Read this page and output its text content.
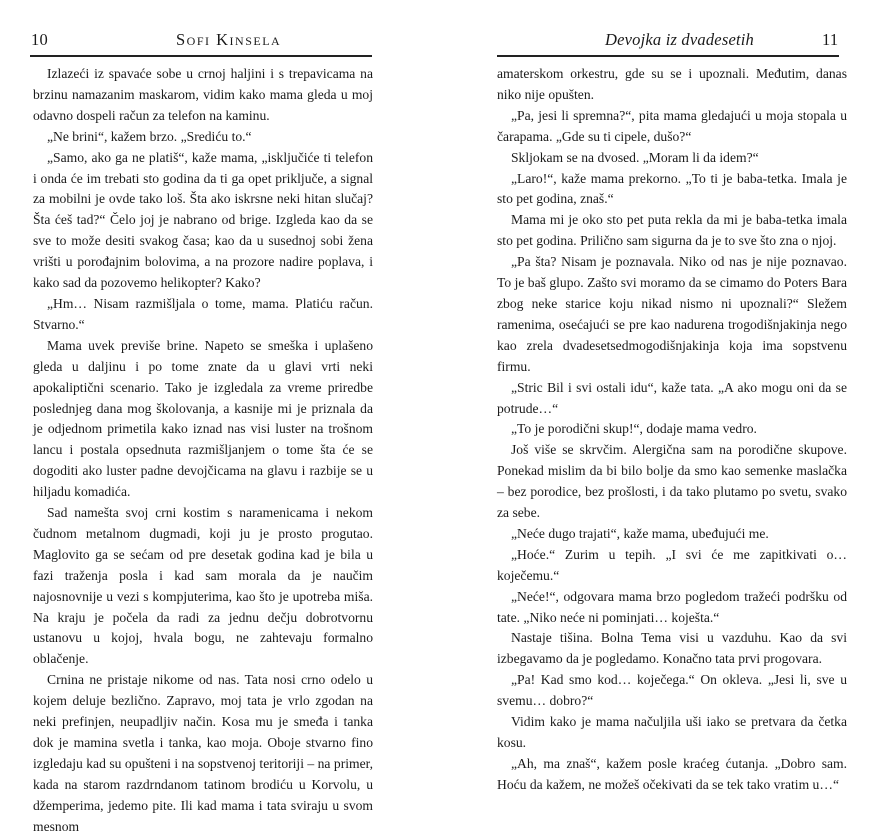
10	Sofi Kinsela

Izlazeći iz spavaće sobe u crnoj haljini i s trepavicama na brzinu namazanim maskarom, vidim kako mama gleda u moj odavno dospeli račun za telefon na kaminu.

„Ne brini“, kažem brzo. „Srediću to.“

„Samo, ako ga ne platiš“, kaže mama, „isključiće ti telefon i onda će im trebati sto godina da ti ga opet priključe, a signal za mobilni je ovde tako loš. Šta ako iskrsne neki hitan slučaj? Šta ćeš tad?“ Čelo joj je nabrano od brige. Izgleda kao da se sve to može desiti svakog časa; kao da u susednoj sobi žena vrišti u porođajnim bolovima, a na prozore nadire poplava, i kako sad da pozovemo helikopter? Kako?

„Hm… Nisam razmišljala o tome, mama. Platiću račun. Stvarno.“

Mama uvek previše brine. Napeto se smeška i uplašeno gleda u daljinu i po tome znate da u glavi vrti neki apokaliptični scenario. Tako je izgledala za vreme priredbe poslednjeg dana mog školovanja, a kasnije mi je priznala da je odjednom primetila kako iznad nas visi luster na trošnom lancu i postala opsednuta razmišljanjem o tome šta će se dogoditi ako luster padne devojčicama na glavu i razbije se u hiljadu komadića.

Sad namešta svoj crni kostim s naramenicama i nekom čudnom metalnom dugmadi, koji ju je prosto progutao. Maglovito ga se sećam od pre desetak godina kad je bila u fazi traženja posla i kad sam morala da je naučim najosnovnije u vezi s kompjuterima, kao što je upotreba miša. Na kraju je počela da radi za jednu dečju dobrotvornu ustanovu u kojoj, hvala bogu, ne zahtevaju formalno oblačenje.

Crnina ne pristaje nikome od nas. Tata nosi crno odelo u kojem deluje bezlično. Zapravo, moj tata je vrlo zgodan na neki prefinjen, neupadljiv način. Kosa mu je smeđa i tanka dok je mamina svetla i tanka, kao moja. Oboje stvarno fino izgledaju kad su opušteni i na sopstvenoj teritoriji – na primer, kada na starom razdrndanom tatinom brodiću u Korvolu, u džemperima, jedemo pite. Ili kad mama i tata sviraju u svom mesnom

Devojka iz dvadesetih	11

amaterskom orkestru, gde su se i upoznali. Međutim, danas niko nije opušten.

„Pa, jesi li spremna?“, pita mama gledajući u moja stopala u čarapama. „Gde su ti cipele, dušo?“

Skljokam se na dvosed. „Moram li da idem?“

„Laro!“, kaže mama prekorno. „To ti je baba-tetka. Imala je sto pet godina, znaš.“

Mama mi je oko sto pet puta rekla da mi je baba-tetka imala sto pet godina. Prilično sam sigurna da je to sve što zna o njoj.

„Pa šta? Nisam je poznavala. Niko od nas je nije poznavao. To je baš glupo. Zašto svi moramo da se cimamo do Poters Bara zbog neke starice koju nikad nismo ni upoznali?“ Sležem ramenima, osećajući se pre kao nadurena trogodišnjakinja nego kao zrela dvadesetsedmogodišnjakinja koja ima sopstvenu firmu.

„Stric Bil i svi ostali idu“, kaže tata. „A ako mogu oni da se potrude…“

„To je porodični skup!“, dodaje mama vedro.

Još više se skrvčim. Alergična sam na porodične skupove. Ponekad mislim da bi bilo bolje da smo kao semenke maslačka – bez porodice, bez prošlosti, i da tako plutamo po svetu, svako za sebe.

„Neće dugo trajati“, kaže mama, ubeđujući me.

„Hoće.“ Zurim u tepih. „I svi će me zapitkivati o… koječemu.“

„Neće!“, odgovara mama brzo pogledom tražeći podršku od tate. „Niko neće ni pominjati… koješta.“

Nastaje tišina. Bolna Tema visi u vazduhu. Kao da svi izbegavamo da je pogledamo. Konačno tata prvi progovara.

„Pa! Kad smo kod… koječega.“ On okleva. „Jesi li, sve u svemu… dobro?“

Vidim kako je mama načuljila uši iako se pretvara da četka kosu.

„Ah, ma znaš“, kažem posle kraćeg ćutanja. „Dobro sam. Hoću da kažem, ne možeš očekivati da se tek tako vratim u…“
